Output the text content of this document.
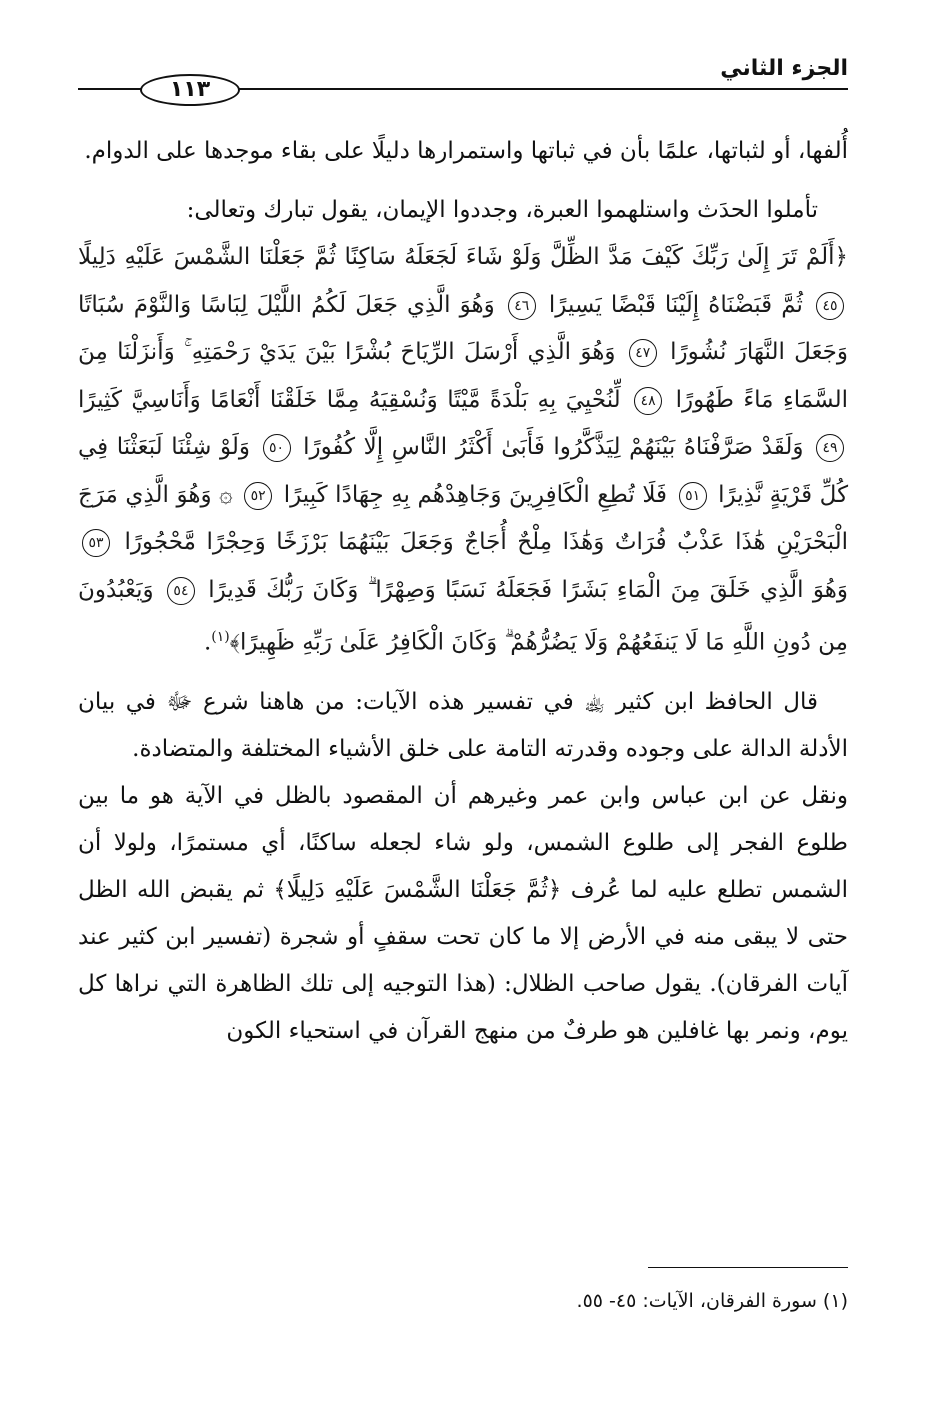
الجزء الثاني
١١٣

أُلفها، أو لثباتها، علمًا بأن في ثباتها واستمرارها دليلًا على بقاء موجدها على الدوام.

تأملوا الحدَث واستلهموا العبرة، وجددوا الإيمان، يقول تبارك وتعالى:

﴿أَلَمْ تَرَ إِلَىٰ رَبِّكَ كَيْفَ مَدَّ الظِّلَّ وَلَوْ شَاءَ لَجَعَلَهُ سَاكِنًا ثُمَّ جَعَلْنَا الشَّمْسَ عَلَيْهِ دَلِيلًا ٤٥ ثُمَّ قَبَضْنَاهُ إِلَيْنَا قَبْضًا يَسِيرًا ٤٦ وَهُوَ الَّذِي جَعَلَ لَكُمُ اللَّيْلَ لِبَاسًا وَالنَّوْمَ سُبَاتًا وَجَعَلَ النَّهَارَ نُشُورًا ٤٧ وَهُوَ الَّذِي أَرْسَلَ الرِّيَاحَ بُشْرًا بَيْنَ يَدَيْ رَحْمَتِهِ ۚ وَأَنزَلْنَا مِنَ السَّمَاءِ مَاءً طَهُورًا ٤٨ لِّنُحْيِيَ بِهِ بَلْدَةً مَّيْتًا وَنُسْقِيَهُ مِمَّا خَلَقْنَا أَنْعَامًا وَأَنَاسِيَّ كَثِيرًا ٤٩ وَلَقَدْ صَرَّفْنَاهُ بَيْنَهُمْ لِيَذَّكَّرُوا فَأَبَىٰ أَكْثَرُ النَّاسِ إِلَّا كُفُورًا ٥٠ وَلَوْ شِئْنَا لَبَعَثْنَا فِي كُلِّ قَرْيَةٍ نَّذِيرًا ٥١ فَلَا تُطِعِ الْكَافِرِينَ وَجَاهِدْهُم بِهِ جِهَادًا كَبِيرًا ٥٢ ۞ وَهُوَ الَّذِي مَرَجَ الْبَحْرَيْنِ هَٰذَا عَذْبٌ فُرَاتٌ وَهَٰذَا مِلْحٌ أُجَاجٌ وَجَعَلَ بَيْنَهُمَا بَرْزَخًا وَحِجْرًا مَّحْجُورًا ٥٣ وَهُوَ الَّذِي خَلَقَ مِنَ الْمَاءِ بَشَرًا فَجَعَلَهُ نَسَبًا وَصِهْرًا ۗ وَكَانَ رَبُّكَ قَدِيرًا ٥٤ وَيَعْبُدُونَ مِن دُونِ اللَّهِ مَا لَا يَنفَعُهُمْ وَلَا يَضُرُّهُمْ ۗ وَكَانَ الْكَافِرُ عَلَىٰ رَبِّهِ ظَهِيرًا﴾$^{(١)}$.

قال الحافظ ابن كثير ﵀ في تفسير هذه الآيات: من هاهنا شرع ﷻ في بيان الأدلة الدالة على وجوده وقدرته التامة على خلق الأشياء المختلفة والمتضادة.

ونقل عن ابن عباس وابن عمر وغيرهم أن المقصود بالظل في الآية هو ما بين طلوع الفجر إلى طلوع الشمس، ولو شاء لجعله ساكنًا، أي مستمرًا، ولولا أن الشمس تطلع عليه لما عُرف ﴿ثُمَّ جَعَلْنَا الشَّمْسَ عَلَيْهِ دَلِيلًا﴾ ثم يقبض الله الظل حتى لا يبقى منه في الأرض إلا ما كان تحت سقفٍ أو شجرة (تفسير ابن كثير عند آيات الفرقان). يقول صاحب الظلال: (هذا التوجيه إلى تلك الظاهرة التي نراها كل يوم، ونمر بها غافلين هو طرفٌ من منهج القرآن في استحياء الكون

(١) سورة الفرقان، الآيات: ٤٥- ٥٥.
